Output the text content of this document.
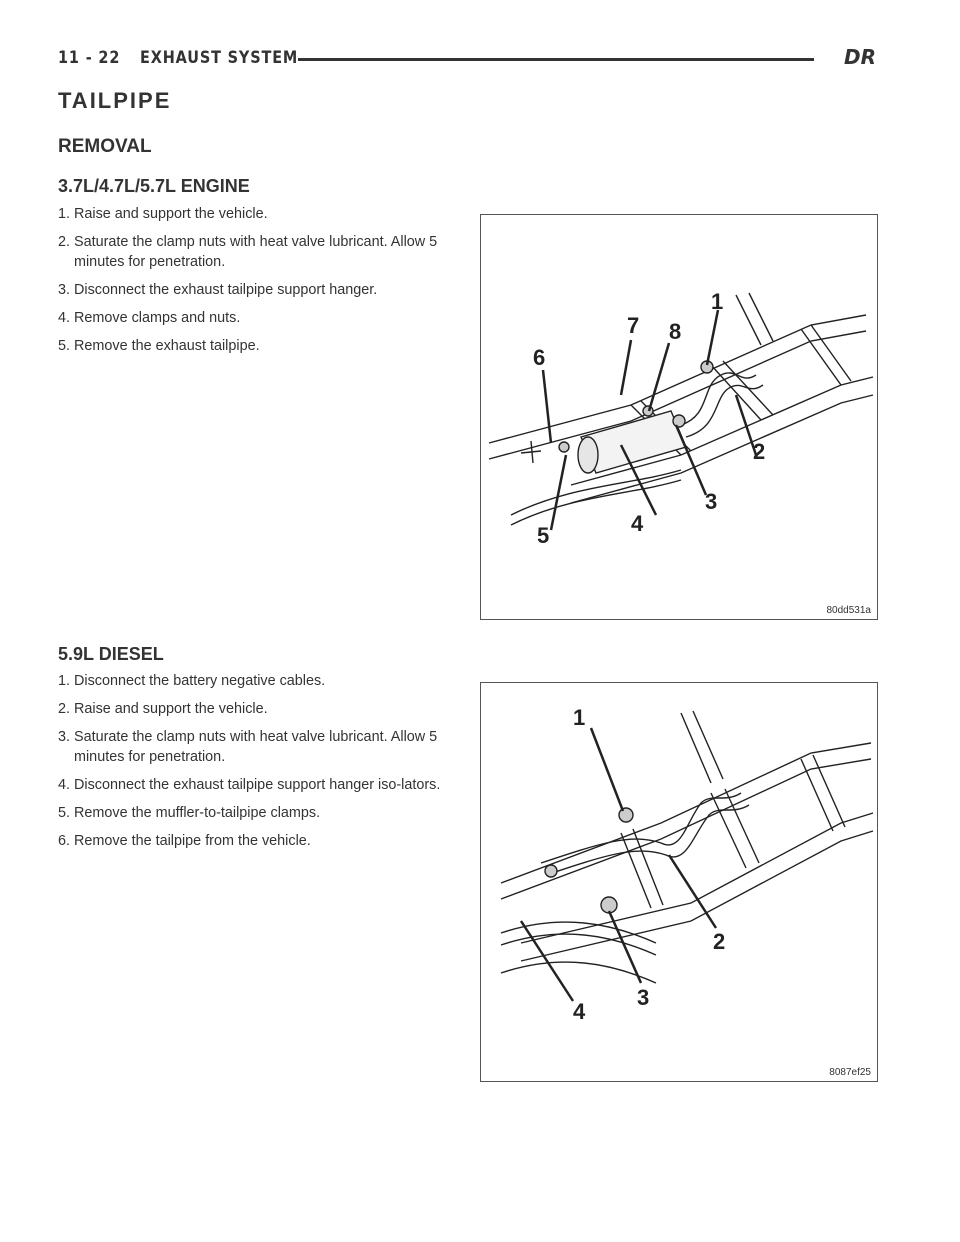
11 - 22 EXHAUST SYSTEM	DR
TAILPIPE
REMOVAL
3.7L/4.7L/5.7L ENGINE
1. Raise and support the vehicle.
2. Saturate the clamp nuts with heat valve lubricant. Allow 5 minutes for penetration.
3. Disconnect the exhaust tailpipe support hanger.
4. Remove clamps and nuts.
5. Remove the exhaust tailpipe.
1
2
3
4
5
6
7 8
80dd531a
5.9L DIESEL
1. Disconnect the battery negative cables.
2. Raise and support the vehicle.
3. Saturate the clamp nuts with heat valve lubricant. Allow 5 minutes for penetration.
4. Disconnect the exhaust tailpipe support hanger iso-lators.
5. Remove the muffler-to-tailpipe clamps.
6. Remove the tailpipe from the vehicle.
1
2
3
4
8087ef25
